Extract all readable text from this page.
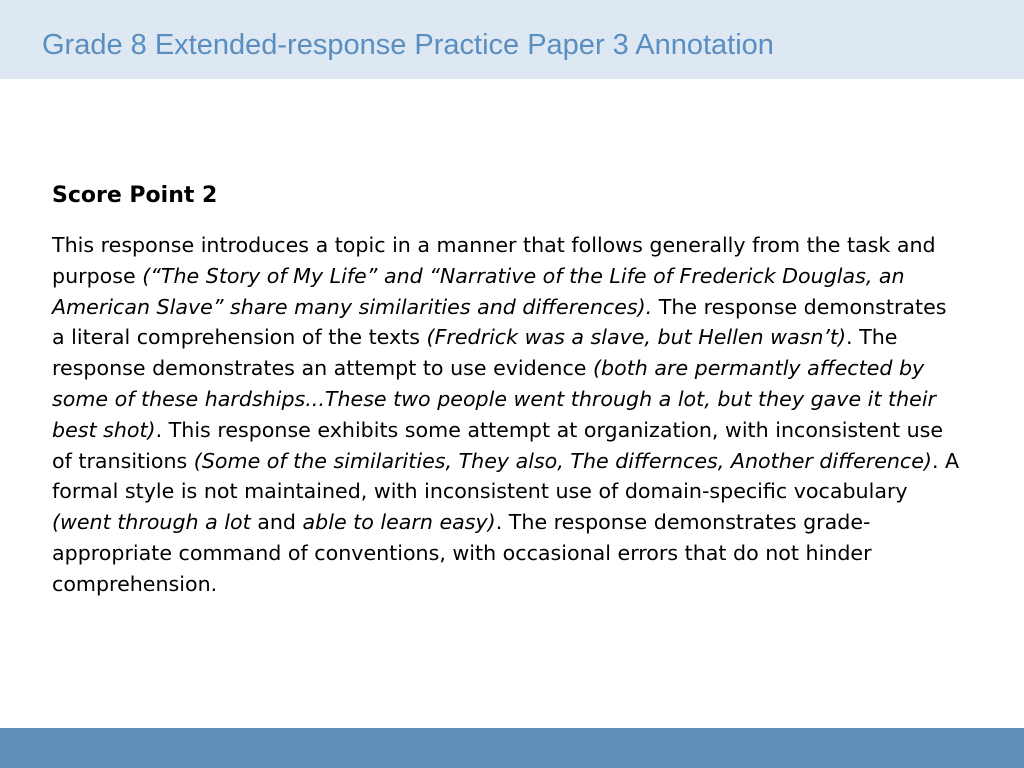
Grade 8 Extended-response Practice Paper 3 Annotation
Score Point 2

This response introduces a topic in a manner that follows generally from the task and purpose (“The Story of My Life” and “Narrative of the Life of Frederick Douglas, an American Slave” share many similarities and differences). The response demonstrates a literal comprehension of the texts (Fredrick was a slave, but Hellen wasn’t). The response demonstrates an attempt to use evidence (both are permantly affected by some of these hardships...These two people went through a lot, but they gave it their best shot). This response exhibits some attempt at organization, with inconsistent use of transitions (Some of the similarities, They also, The differnces, Another difference). A formal style is not maintained, with inconsistent use of domain-specific vocabulary (went through a lot and able to learn easy). The response demonstrates grade-appropriate command of conventions, with occasional errors that do not hinder comprehension.
